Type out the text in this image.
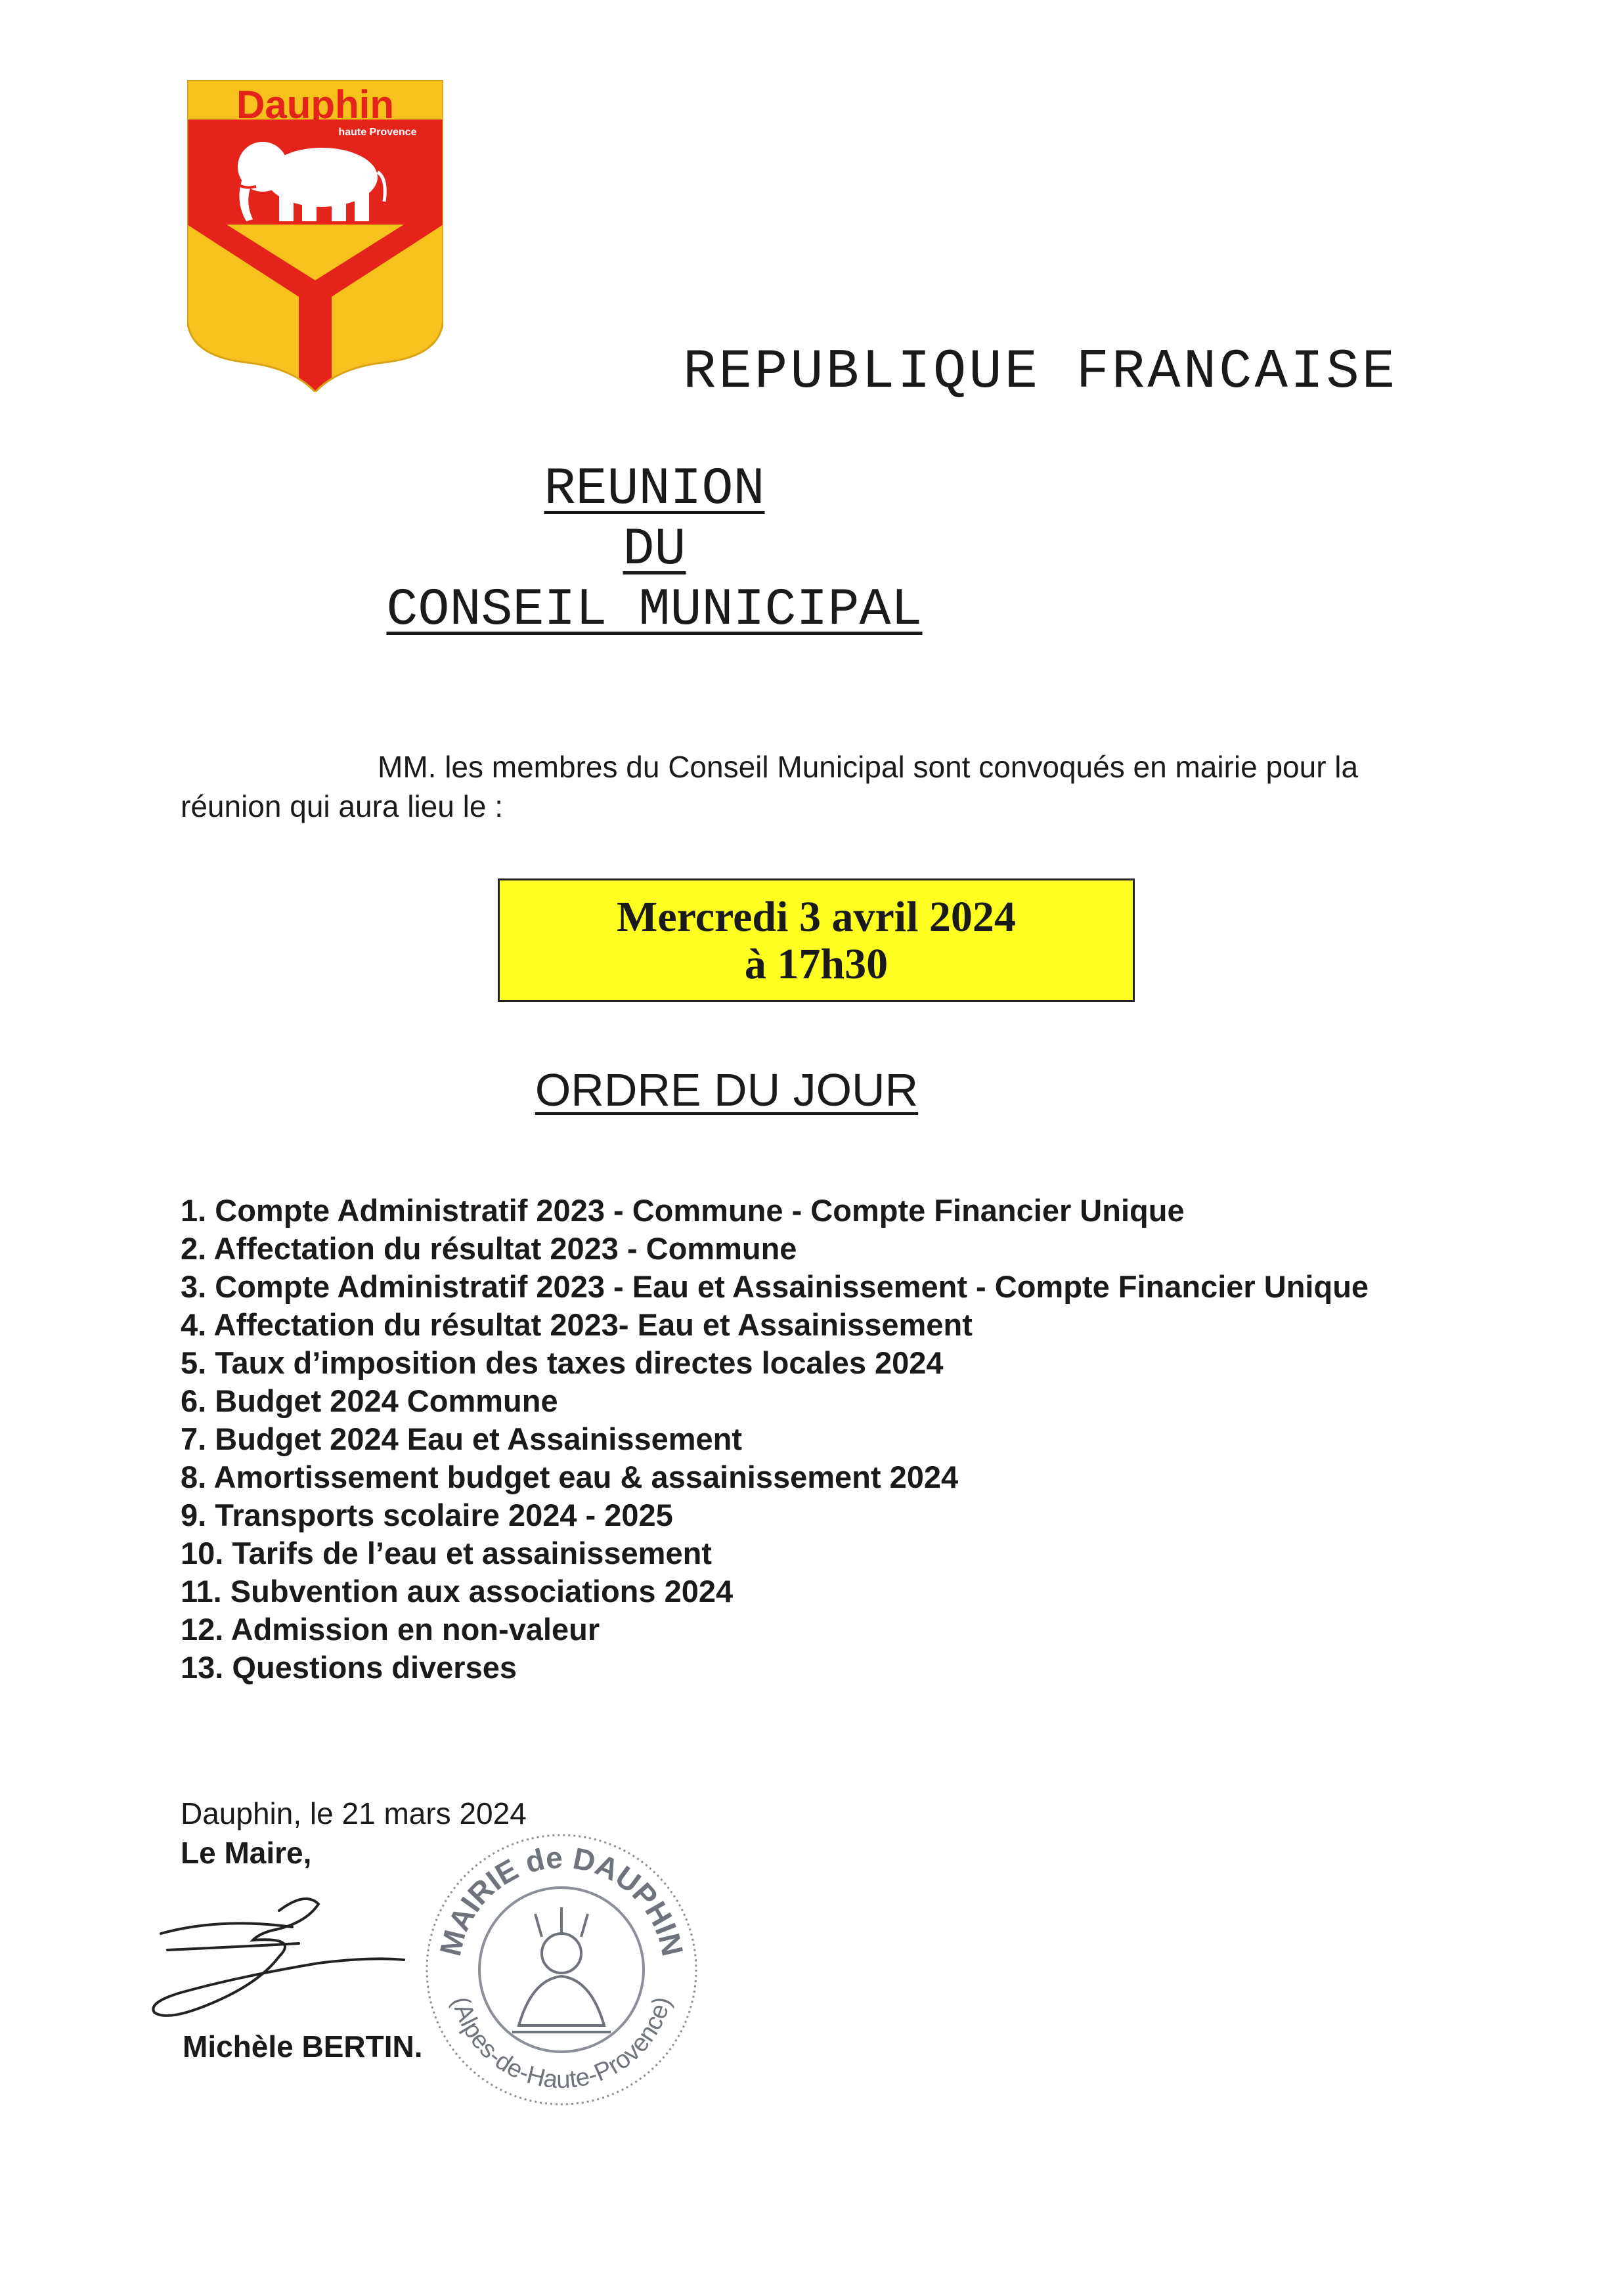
Dauphin
haute Provence
REPUBLIQUE FRANCAISE
REUNION
DU
CONSEIL MUNICIPAL
MM. les membres du Conseil Municipal sont convoqués en mairie pour la réunion qui aura lieu le :
Mercredi 3 avril 2024
à 17h30
ORDRE DU JOUR
1. Compte Administratif 2023 - Commune - Compte Financier Unique
2. Affectation du résultat 2023 - Commune
3. Compte Administratif 2023 - Eau et Assainissement - Compte Financier Unique
4. Affectation du résultat 2023- Eau et Assainissement
5. Taux d’imposition des taxes directes locales 2024
6. Budget 2024 Commune
7. Budget 2024 Eau et Assainissement
8. Amortissement budget eau & assainissement 2024
9. Transports scolaire 2024 - 2025
10. Tarifs de l’eau et assainissement
11. Subvention aux associations 2024
12. Admission en non-valeur
13. Questions diverses
Dauphin, le 21 mars 2024
Le Maire,
MAIRIE de DAUPHIN
(Alpes-de-Haute-Provence)
Michèle BERTIN.
